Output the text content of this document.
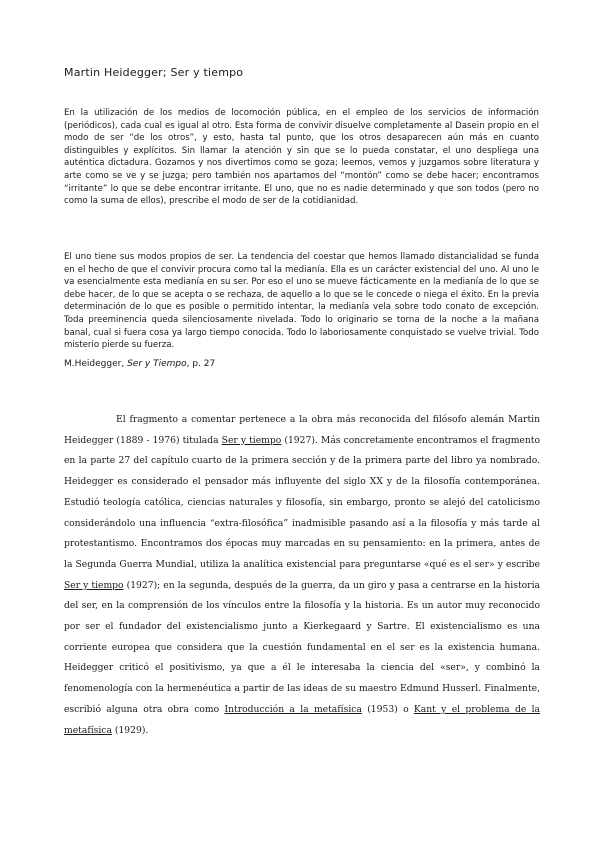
Martin Heidegger; Ser y tiempo

En la utilización de los medios de locomoción pública, en el empleo de los servicios de información (periódicos), cada cual es igual al otro. Esta forma de convivir disuelve completamente al Dasein propio en el modo de ser “de los otros”, y esto, hasta tal punto, que los otros desaparecen aún más en cuanto distinguibles y explícitos. Sin llamar la atención y sin que se lo pueda constatar, el uno despliega una auténtica dictadura. Gozamos y nos divertimos como se goza; leemos, vemos y juzgamos sobre literatura y arte como se ve y se juzga; pero también nos apartamos del “montón” como se debe hacer; encontramos “irritante” lo que se debe encontrar irritante. El uno, que no es nadie determinado y que son todos (pero no como la suma de ellos), prescribe el modo de ser de la cotidianidad.

El uno tiene sus modos propios de ser. La tendencia del coestar que hemos llamado distancialidad se funda en el hecho de que el convivir procura como tal la medianía. Ella es un carácter existencial del uno. Al uno le va esencialmente esta medianía en su ser. Por eso el uno se mueve fácticamente en la medianía de lo que se debe hacer, de lo que se acepta o se rechaza, de aquello a lo que se le concede o niega el éxito. En la previa determinación de lo que es posible o permitido intentar, la medianía vela sobre todo conato de excepción. Toda preeminencia queda silenciosamente nivelada. Todo lo originario se torna de la noche a la mañana banal, cual si fuera cosa ya largo tiempo conocida. Todo lo laboriosamente conquistado se vuelve trivial. Todo misterio pierde su fuerza.

M.Heidegger, Ser y Tiempo, p. 27

El fragmento a comentar pertenece a la obra más reconocida del filósofo alemán Martin Heidegger (1889 - 1976) titulada Ser y tiempo (1927). Más concretamente encontramos el fragmento en la parte 27 del capítulo cuarto de la primera sección y de la primera parte del libro ya nombrado. Heidegger es considerado el pensador más influyente del siglo XX y de la filosofía contemporánea. Estudió teología católica, ciencias naturales y filosofía, sin embargo, pronto se alejó del catolicismo considerándolo una influencia “extra-filosófica” inadmisible pasando así a la filosofía y más tarde al protestantismo. Encontramos dos épocas muy marcadas en su pensamiento: en la primera, antes de la Segunda Guerra Mundial, utiliza la analítica existencial para preguntarse «qué es el ser» y escribe Ser y tiempo (1927); en la segunda, después de la guerra, da un giro y pasa a centrarse en la historia del ser, en la comprensión de los vínculos entre la filosofía y la historia. Es un autor muy reconocido por ser el fundador del existencialismo junto a Kierkegaard y Sartre. El existencialismo es una corriente europea que considera que la cuestión fundamental en el ser es la existencia humana. Heidegger criticó el positivismo, ya que a él le interesaba la ciencia del «ser», y combinó la fenomenología con la hermenéutica a partir de las ideas de su maestro Edmund Husserl. Finalmente, escribió alguna otra obra como Introducción a la metafísica (1953) o Kant y el problema de la metafísica (1929).
